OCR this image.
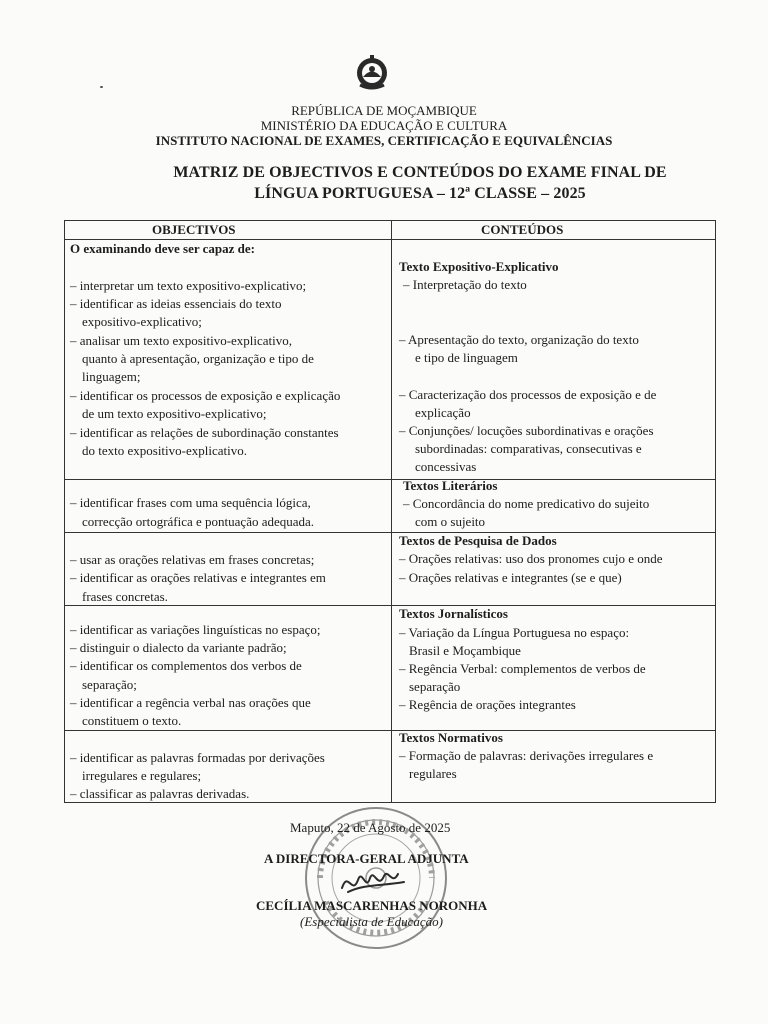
REPÚBLICA DE MOÇAMBIQUE
MINISTÉRIO DA EDUCAÇÃO E CULTURA
INSTITUTO NACIONAL DE EXAMES, CERTIFICAÇÃO E EQUIVALÊNCIAS
MATRIZ DE OBJECTIVOS E CONTEÚDOS DO EXAME FINAL DE
LÍNGUA PORTUGUESA – 12ª CLASSE – 2025
OBJECTIVOS	CONTEÚDOS
O examinando deve ser capaz de:
– interpretar um texto expositivo-explicativo;
– identificar as ideias essenciais do texto
expositivo-explicativo;
– analisar um texto expositivo-explicativo,
quanto à apresentação, organização e tipo de
linguagem;
– identificar os processos de exposição e explicação
de um texto expositivo-explicativo;
– identificar as relações de subordinação constantes
do texto expositivo-explicativo.
Texto Expositivo-Explicativo
– Interpretação do texto
– Apresentação do texto, organização do texto
e tipo de linguagem
– Caracterização dos processos de exposição e de
explicação
– Conjunções/ locuções subordinativas e orações
subordinadas: comparativas, consecutivas e
concessivas
– identificar frases com uma sequência lógica,
correcção ortográfica e pontuação adequada.
Textos Literários
– Concordância do nome predicativo do sujeito
com o sujeito
– usar as orações relativas em frases concretas;
– identificar as orações relativas e integrantes em
frases concretas.
Textos de Pesquisa de Dados
– Orações relativas: uso dos pronomes cujo e onde
– Orações relativas e integrantes (se e que)
– identificar as variações linguísticas no espaço;
– distinguir o dialecto da variante padrão;
– identificar os complementos dos verbos de
separação;
– identificar a regência verbal nas orações que
constituem o texto.
Textos Jornalísticos
– Variação da Língua Portuguesa no espaço:
Brasil e Moçambique
– Regência Verbal: complementos de verbos de
separação
– Regência de orações integrantes
– identificar as palavras formadas por derivações
irregulares e regulares;
– classificar as palavras derivadas.
Textos Normativos
– Formação de palavras: derivações irregulares e
regulares
Maputo, 22 de Agosto de 2025
A DIRECTORA-GERAL ADJUNTA
CECÍLIA MASCARENHAS NORONHA
(Especialista de Educação)
